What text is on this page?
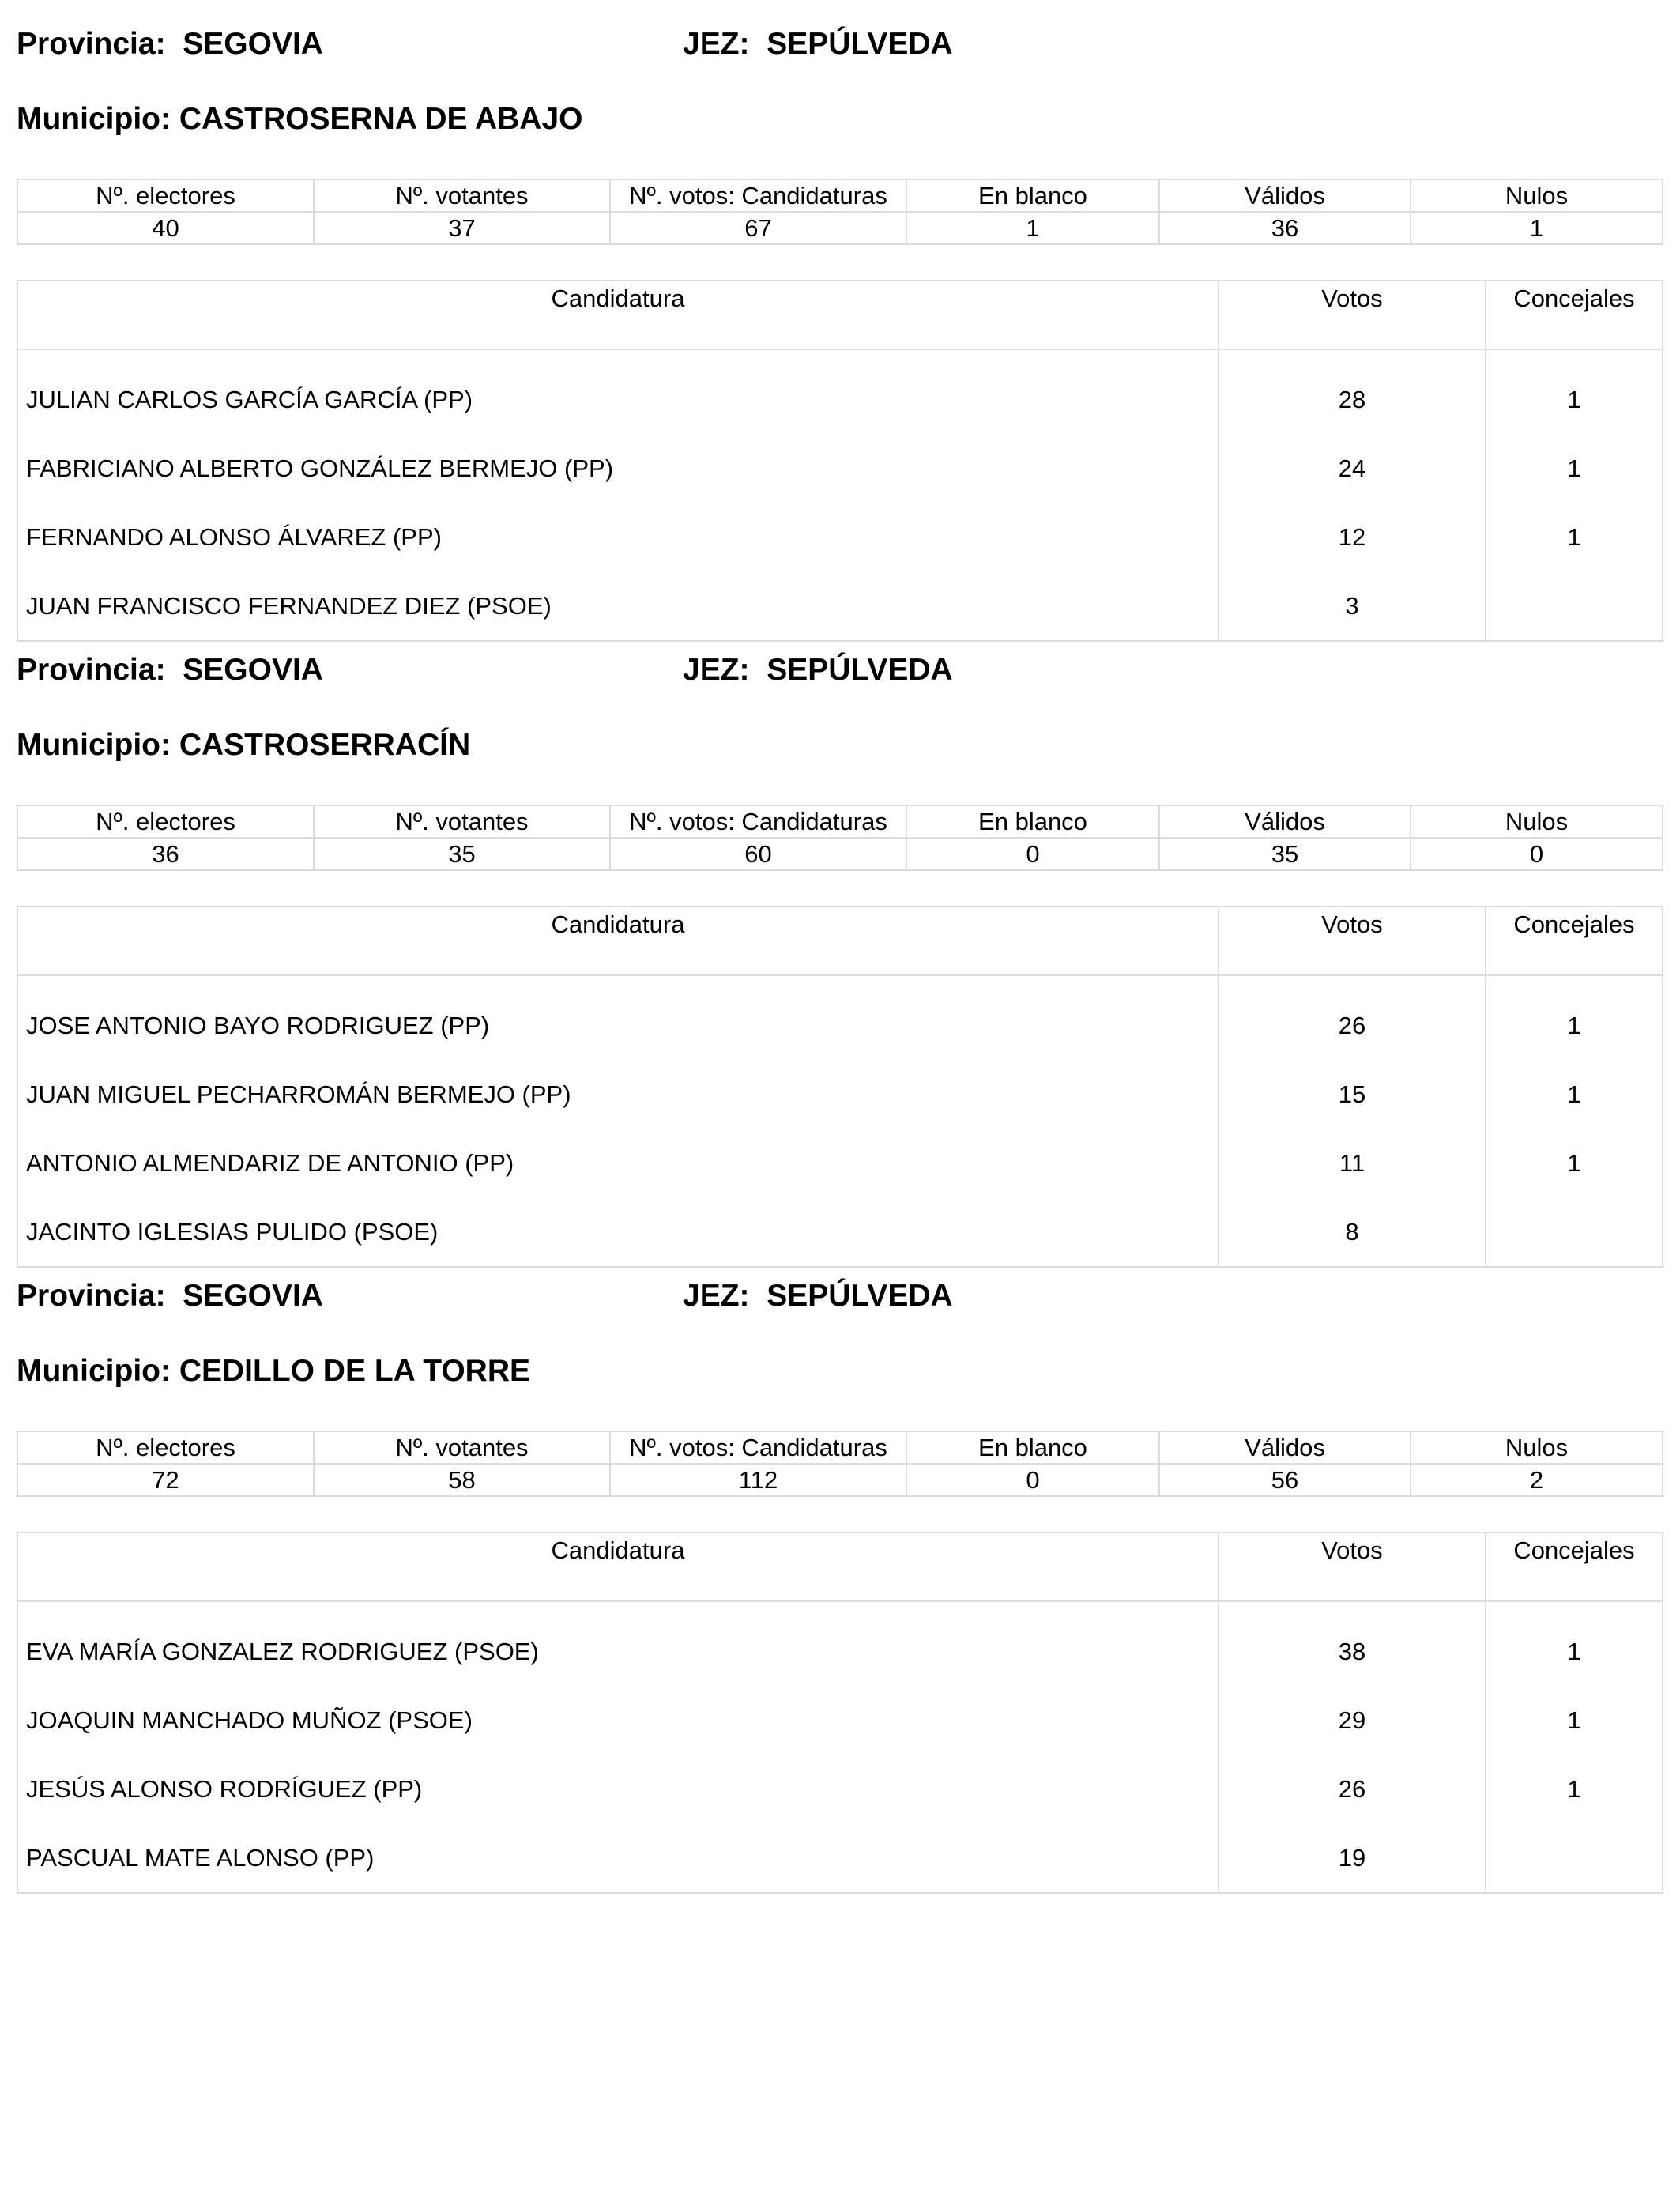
Provincia: SEGOVIA	JEZ: SEPÚLVEDA
Municipio: CASTROSERNA DE ABAJO
Nº. electores	Nº. votantes	Nº. votos: Candidaturas	En blanco	Válidos	Nulos
40	37	67	1	36	1
Candidatura	Votos	Concejales
JULIAN CARLOS GARCÍA GARCÍA (PP)	28	1
FABRICIANO ALBERTO GONZÁLEZ BERMEJO (PP)	24	1
FERNANDO ALONSO ÁLVAREZ (PP)	12	1
JUAN FRANCISCO FERNANDEZ DIEZ (PSOE)	3	
Provincia: SEGOVIA	JEZ: SEPÚLVEDA
Municipio: CASTROSERRACÍN
Nº. electores	Nº. votantes	Nº. votos: Candidaturas	En blanco	Válidos	Nulos
36	35	60	0	35	0
Candidatura	Votos	Concejales
JOSE ANTONIO BAYO RODRIGUEZ (PP)	26	1
JUAN MIGUEL PECHARROMÁN BERMEJO (PP)	15	1
ANTONIO ALMENDARIZ DE ANTONIO (PP)	11	1
JACINTO IGLESIAS PULIDO (PSOE)	8	
Provincia: SEGOVIA	JEZ: SEPÚLVEDA
Municipio: CEDILLO DE LA TORRE
Nº. electores	Nº. votantes	Nº. votos: Candidaturas	En blanco	Válidos	Nulos
72	58	112	0	56	2
Candidatura	Votos	Concejales
EVA MARÍA GONZALEZ RODRIGUEZ (PSOE)	38	1
JOAQUIN MANCHADO MUÑOZ (PSOE)	29	1
JESÚS ALONSO RODRÍGUEZ (PP)	26	1
PASCUAL MATE ALONSO (PP)	19	
